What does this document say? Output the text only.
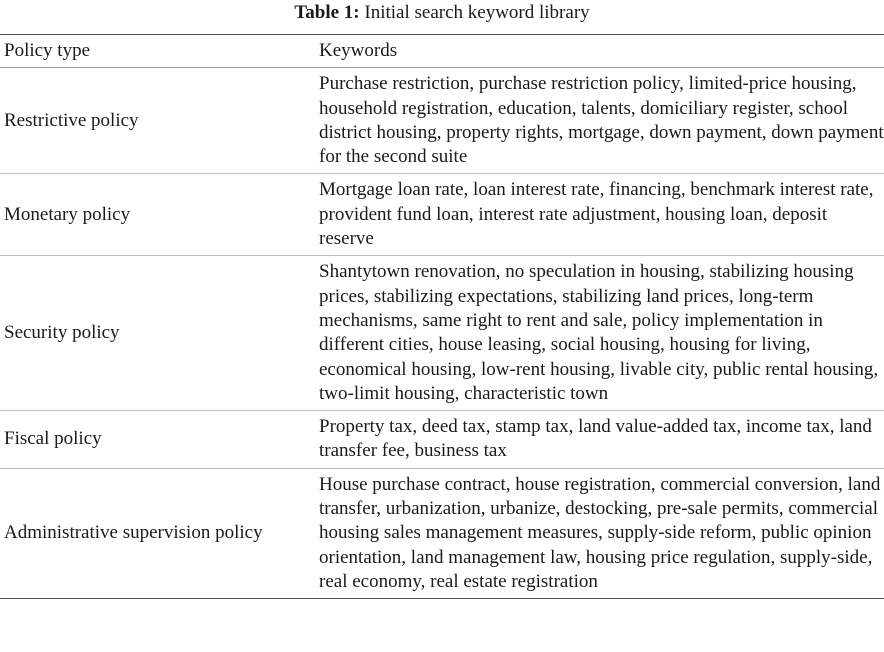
Table 1: Initial search keyword library
Policy type	Keywords
Restrictive policy	Purchase restriction, purchase restriction policy, limited-price housing, household registration, education, talents, domiciliary register, school district housing, property rights, mortgage, down payment, down payment for the second suite
Monetary policy	Mortgage loan rate, loan interest rate, financing, benchmark interest rate, provident fund loan, interest rate adjustment, housing loan, deposit reserve
Security policy	Shantytown renovation, no speculation in housing, stabilizing housing prices, stabilizing expectations, stabilizing land prices, long-term mechanisms, same right to rent and sale, policy implementation in different cities, house leasing, social housing, housing for living, economical housing, low-rent housing, livable city, public rental housing, two-limit housing, characteristic town
Fiscal policy	Property tax, deed tax, stamp tax, land value-added tax, income tax, land transfer fee, business tax
Administrative supervision policy	House purchase contract, house registration, commercial conversion, land transfer, urbanization, urbanize, destocking, pre-sale permits, commercial housing sales management measures, supply-side reform, public opinion orientation, land management law, housing price regulation, supply-side, real economy, real estate registration
